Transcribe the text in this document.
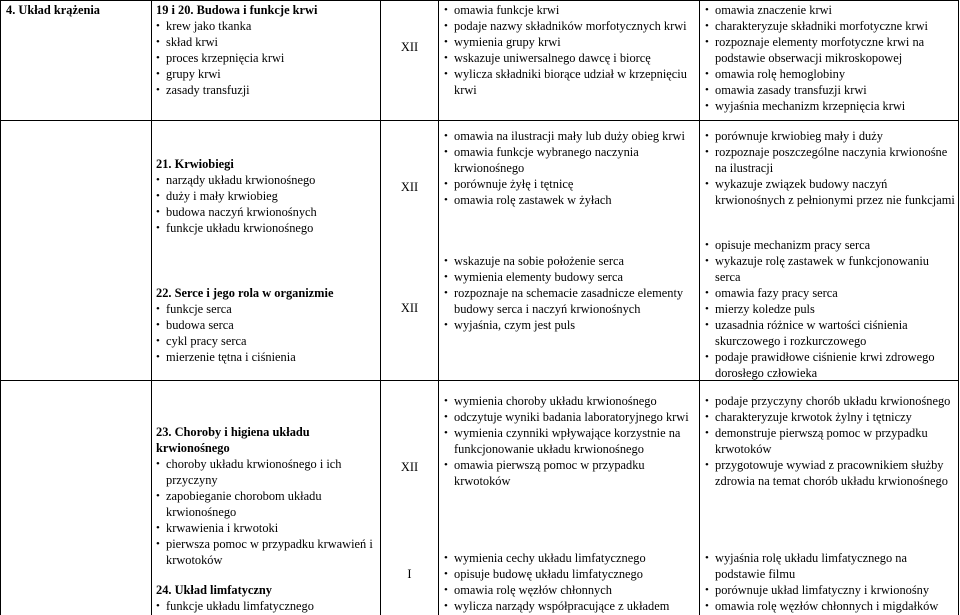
4. Układ krążenia	19 i 20. Budowa i funkcje krwi
• krew jako tkanka
• skład krwi
• proces krzepnięcia krwi
• grupy krwi
• zasady transfuzji
XII
• omawia funkcje krwi
• podaje nazwy składników morfotycznych krwi
• wymienia grupy krwi
• wskazuje uniwersalnego dawcę i biorcę
• wylicza składniki biorące udział w krzepnięciu krwi
• omawia znaczenie krwi
• charakteryzuje składniki morfotyczne krwi
• rozpoznaje elementy morfotyczne krwi na podstawie obserwacji mikroskopowej
• omawia rolę hemoglobiny
• omawia zasady transfuzji krwi
• wyjaśnia mechanizm krzepnięcia krwi
21. Krwiobiegi
• narządy układu krwionośnego
• duży i mały krwiobieg
• budowa naczyń krwionośnych
• funkcje układu krwionośnego
XII
• omawia na ilustracji mały lub duży obieg krwi
• omawia funkcje wybranego naczynia krwionośnego
• porównuje żyłę i tętnicę
• omawia rolę zastawek w żyłach
• porównuje krwiobieg mały i duży
• rozpoznaje poszczególne naczynia krwionośne na ilustracji
• wykazuje związek budowy naczyń krwionośnych z pełnionymi przez nie funkcjami
22. Serce i jego rola w organizmie
• funkcje serca
• budowa serca
• cykl pracy serca
• mierzenie tętna i ciśnienia
XII
• wskazuje na sobie położenie serca
• wymienia elementy budowy serca
• rozpoznaje na schemacie zasadnicze elementy budowy serca i naczyń krwionośnych
• wyjaśnia, czym jest puls
• opisuje mechanizm pracy serca
• wykazuje rolę zastawek w funkcjonowaniu serca
• omawia fazy pracy serca
• mierzy koledze puls
• uzasadnia różnice w wartości ciśnienia skurczowego i rozkurczowego
• podaje prawidłowe ciśnienie krwi zdrowego dorosłego człowieka
23. Choroby i higiena układu krwionośnego
• choroby układu krwionośnego i ich przyczyny
• zapobieganie chorobom układu krwionośnego
• krwawienia i krwotoki
• pierwsza pomoc w przypadku krwawień i krwotoków
XII
• wymienia choroby układu krwionośnego
• odczytuje wyniki badania laboratoryjnego krwi
• wymienia czynniki wpływające korzystnie na funkcjonowanie układu krwionośnego
• omawia pierwszą pomoc w przypadku krwotoków
• podaje przyczyny chorób układu krwionośnego
• charakteryzuje krwotok żylny i tętniczy
• demonstruje pierwszą pomoc w przypadku krwotoków
• przygotowuje wywiad z pracownikiem służby zdrowia na temat chorób układu krwionośnego
24. Układ limfatyczny
• funkcje układu limfatycznego
I
• wymienia cechy układu limfatycznego
• opisuje budowę układu limfatycznego
• omawia rolę węzłów chłonnych
• wylicza narządy współpracujące z układem
• wyjaśnia rolę układu limfatycznego na podstawie filmu
• porównuje układ limfatyczny i krwionośny
• omawia rolę węzłów chłonnych i migdałków
